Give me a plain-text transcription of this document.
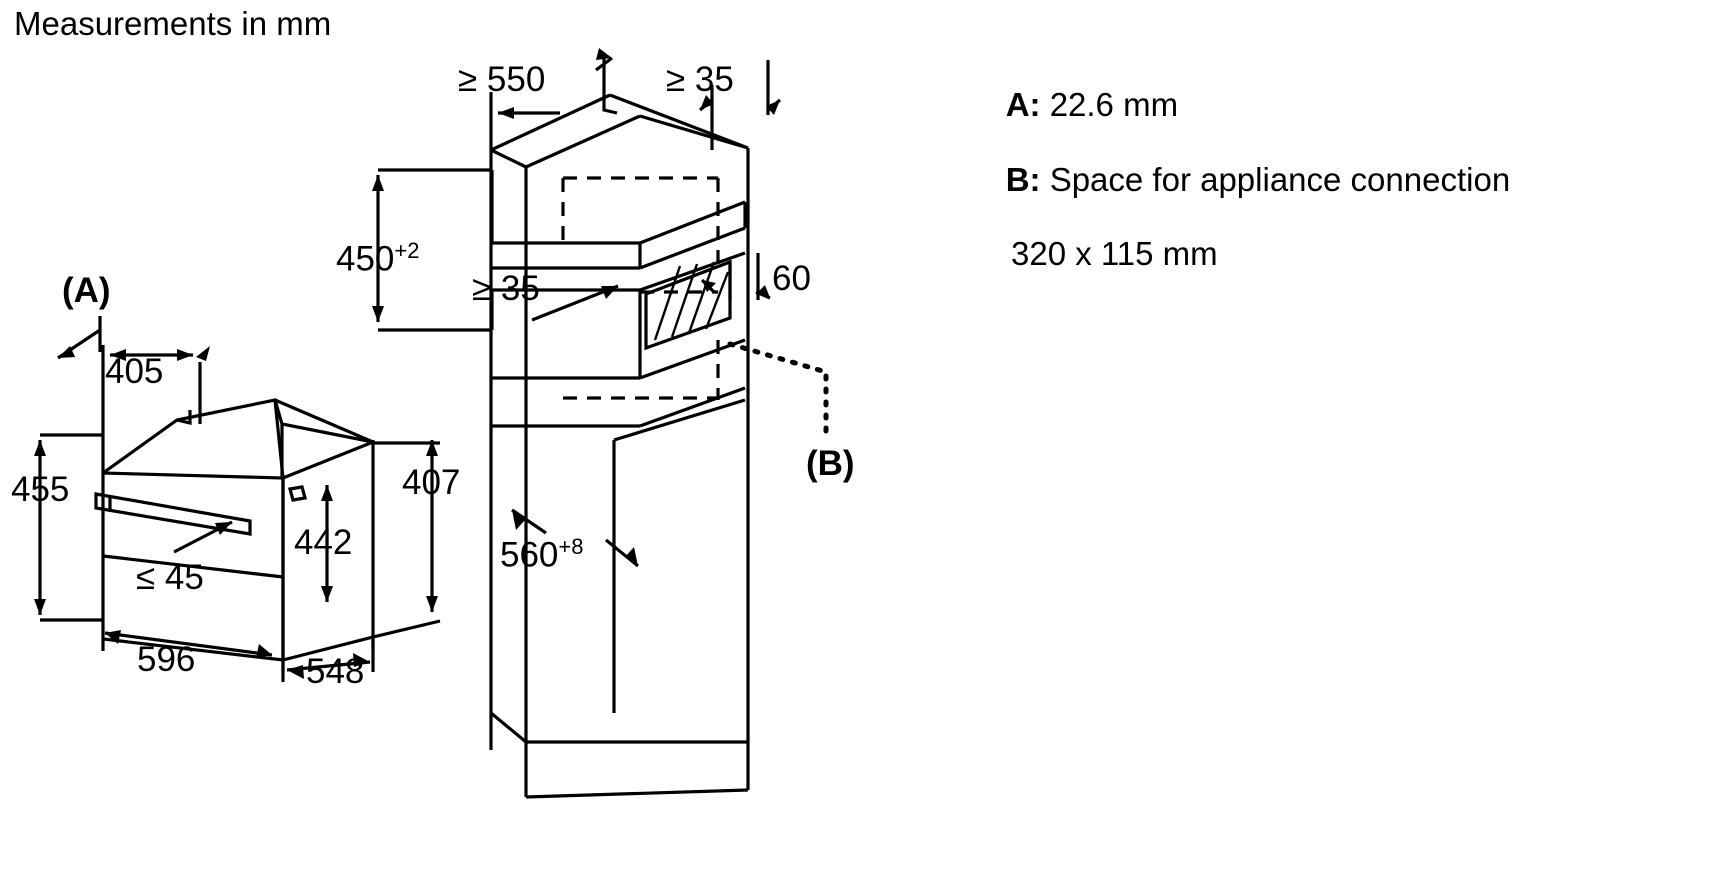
Measurements in mm
(A)
405
455	407
442
≤ 45
596	548
≥ 550	≥ 35
$450^{+2}$
≥ 35	60
(B)
$560^{+8}$

A: 22.6 mm

B: Space for appliance connection

320 x 115 mm
